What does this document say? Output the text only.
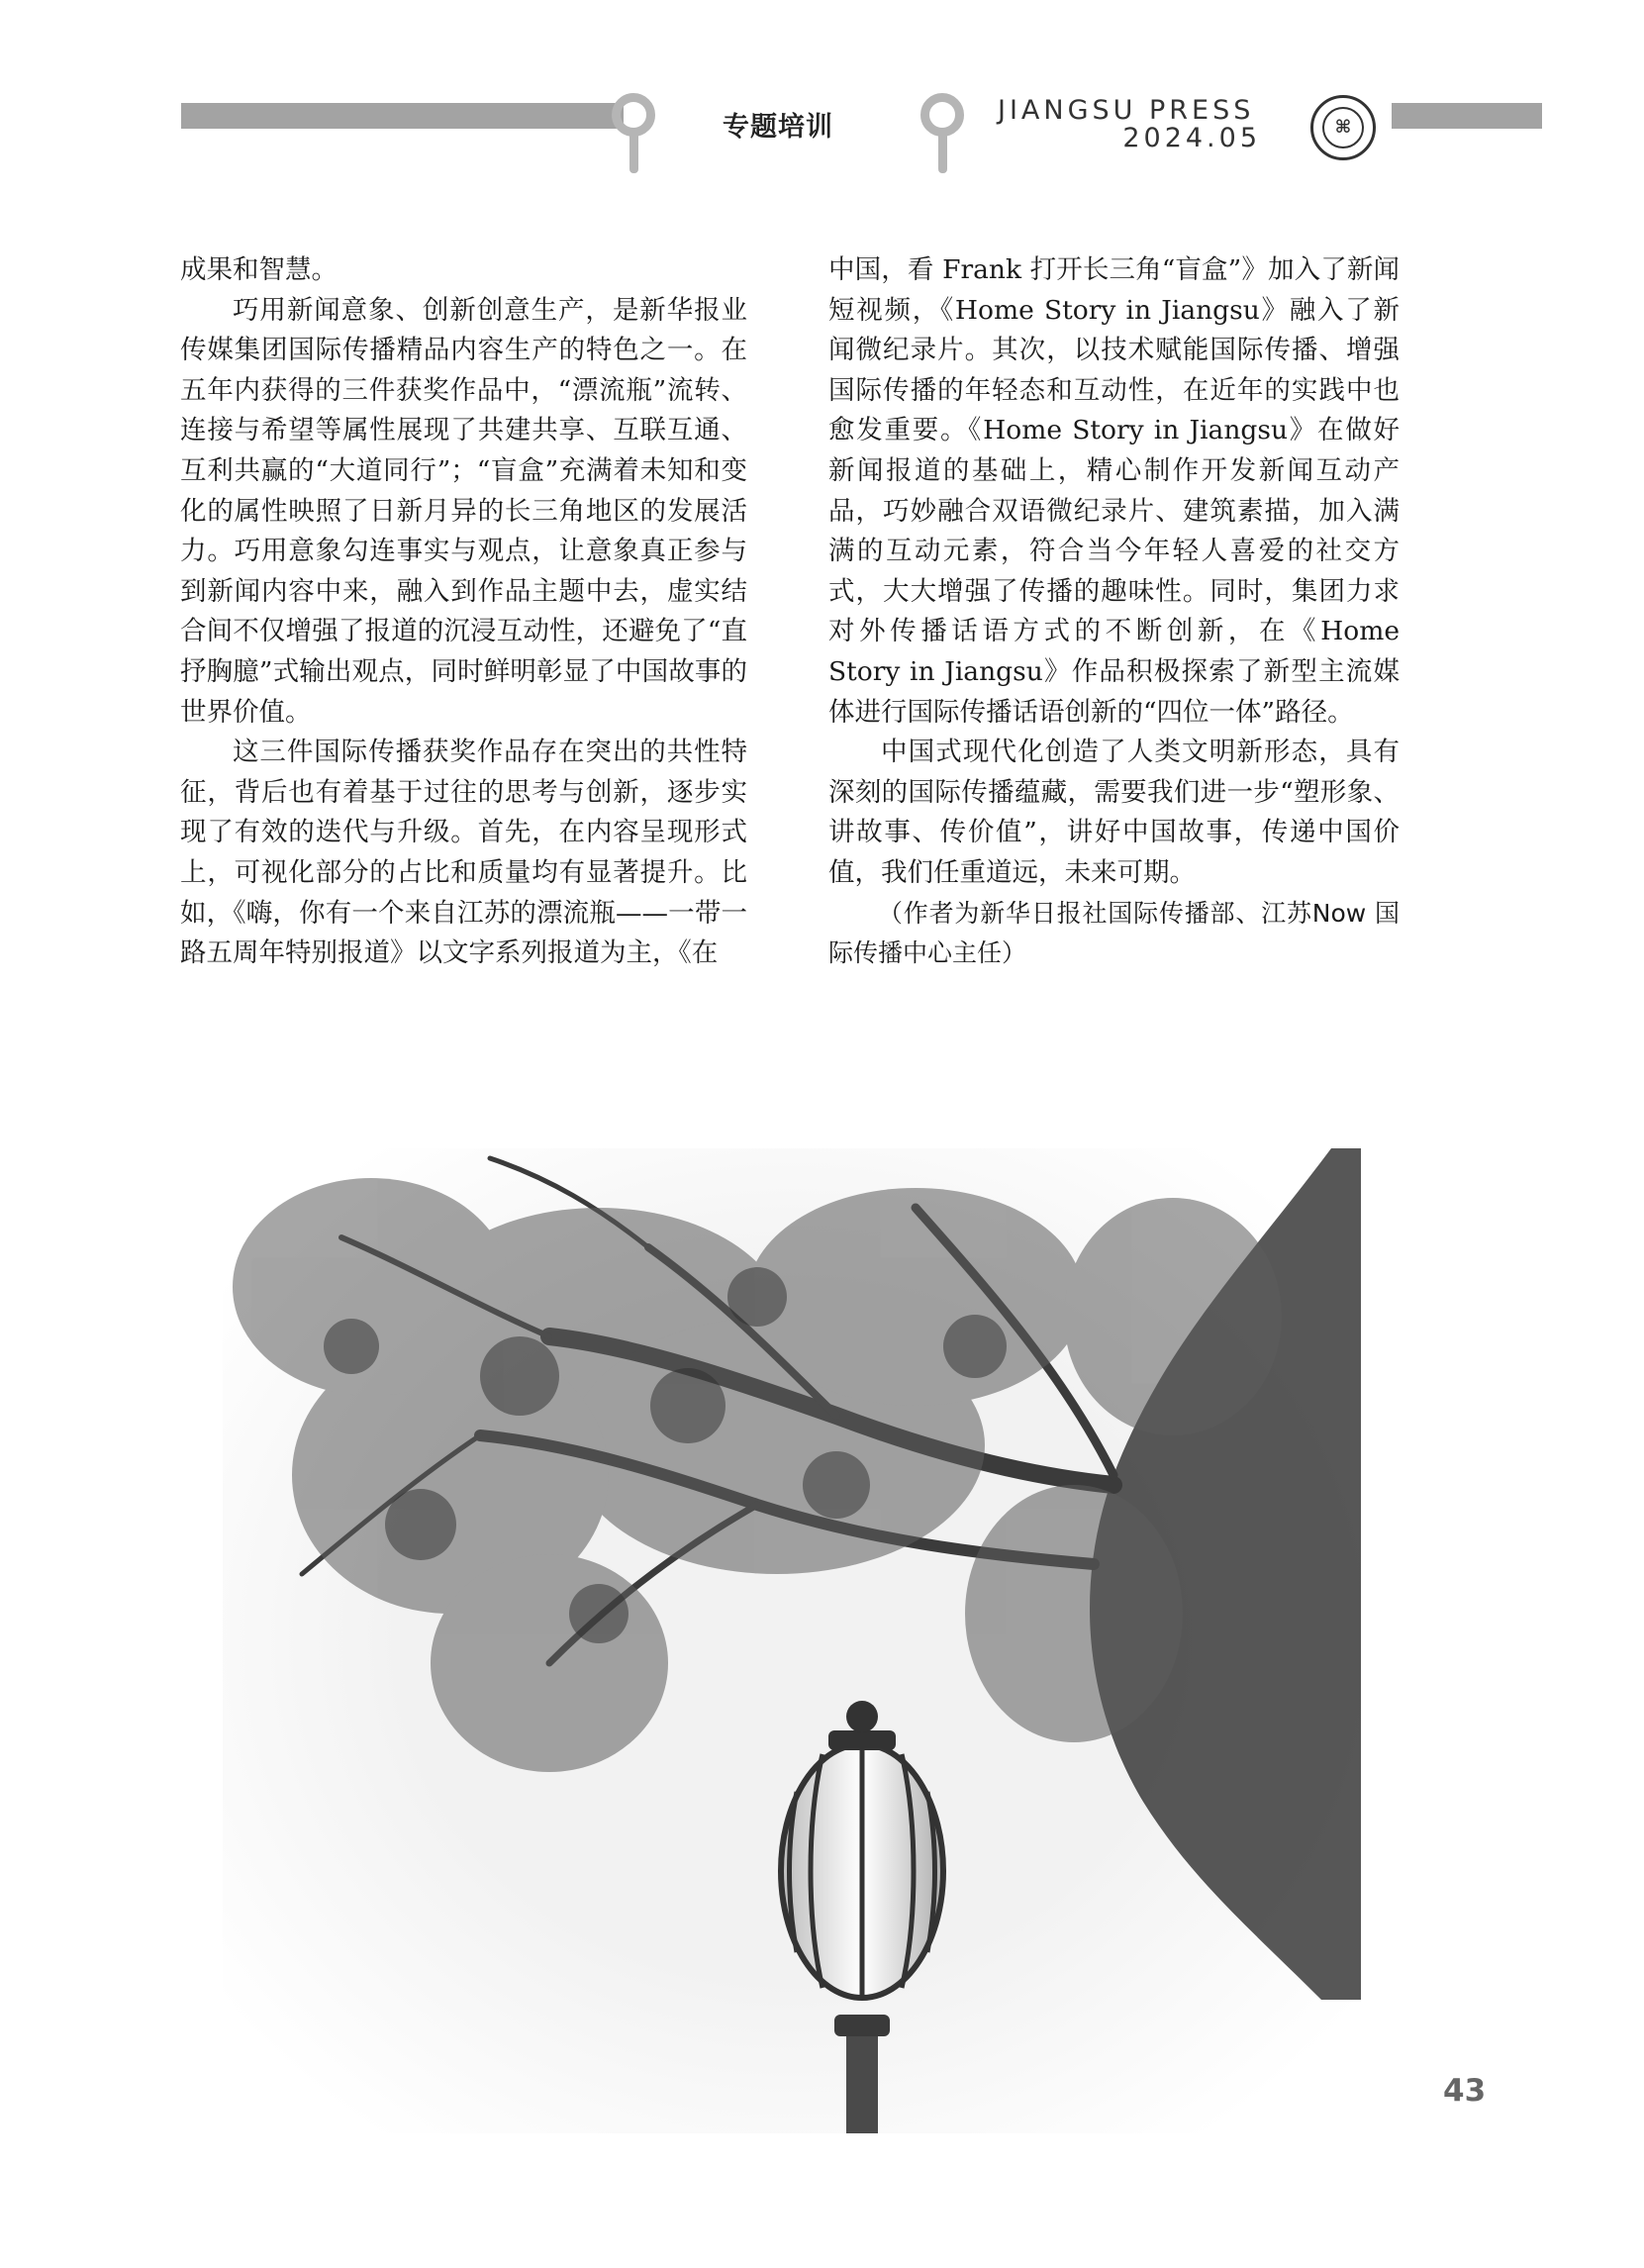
专题培训
JIANGSU PRESS
2024.05	⌘

成果和智慧。

巧用新闻意象、创新创意生产，是新华报业传媒集团国际传播精品内容生产的特色之一。在五年内获得的三件获奖作品中，“漂流瓶”流转、连接与希望等属性展现了共建共享、互联互通、互利共赢的“大道同行”；“盲盒”充满着未知和变化的属性映照了日新月异的长三角地区的发展活力。巧用意象勾连事实与观点，让意象真正参与到新闻内容中来，融入到作品主题中去，虚实结合间不仅增强了报道的沉浸互动性，还避免了“直抒胸臆”式输出观点，同时鲜明彰显了中国故事的世界价值。

这三件国际传播获奖作品存在突出的共性特征，背后也有着基于过往的思考与创新，逐步实现了有效的迭代与升级。首先，在内容呈现形式上，可视化部分的占比和质量均有显著提升。比如，《嗨，你有一个来自江苏的漂流瓶——一带一路五周年特别报道》以文字系列报道为主，《在

中国，看 Frank 打开长三角“盲盒”》加入了新闻短视频，《Home Story in Jiangsu》融入了新闻微纪录片。其次，以技术赋能国际传播、增强国际传播的年轻态和互动性，在近年的实践中也愈发重要。《Home Story in Jiangsu》在做好新闻报道的基础上，精心制作开发新闻互动产品，巧妙融合双语微纪录片、建筑素描，加入满满的互动元素，符合当今年轻人喜爱的社交方式，大大增强了传播的趣味性。同时，集团力求对外传播话语方式的不断创新，在《Home Story in Jiangsu》作品积极探索了新型主流媒体进行国际传播话语创新的“四位一体”路径。

中国式现代化创造了人类文明新形态，具有深刻的国际传播蕴藏，需要我们进一步“塑形象、讲故事、传价值”，讲好中国故事，传递中国价值，我们任重道远，未来可期。

（作者为新华日报社国际传播部、江苏Now 国际传播中心主任）

43
